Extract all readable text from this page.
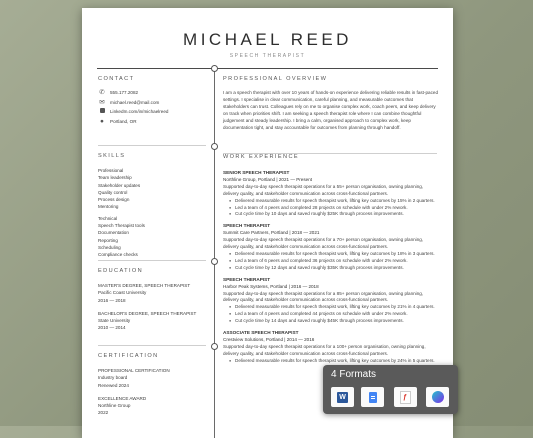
MICHAEL REED
SPEECH THERAPIST
CONTACT
✆ 555.177.2082
✉ michael.reed@mail.com
LinkedIn.com/in/michaelreed
●	Portland, OR
SKILLS
Professional
Team leadership
Stakeholder updates
Quality control
Process design
Mentoring
Technical
Speech Therapist tools
Documentation
Reporting
Scheduling
Compliance checks
EDUCATION
MASTER'S DEGREE, SPEECH THERAPIST
Pacific Coast University
2016 — 2018
BACHELOR'S DEGREE, SPEECH THERAPIST
State University
2010 — 2014
CERTIFICATION
PROFESSIONAL CERTIFICATION
Industry board
Renewed 2024
EXCELLENCE AWARD
Northline Group
2022
PROFESSIONAL OVERVIEW

I am a speech therapist with over 10 years of hands-on experience delivering reliable results in fast-paced settings. I specialise in clear communication, careful planning, and measurable outcomes that stakeholders can trust. Colleagues rely on me to organise complex work, coach peers, and keep delivery on track when priorities shift. I am seeking a speech therapist role where I can combine thoughtful judgement and steady leadership. I bring a calm, organised approach to complex work, keep documentation tight, and stay accountable for outcomes from planning through handoff.

WORK EXPERIENCE
SENIOR SPEECH THERAPIST
Northline Group, Portland | 2021 — Present
Supported day-to-day speech therapist operations for a 55+ person organisation, owning planning, delivery quality, and stakeholder communication across cross-functional partners.
● Delivered measurable results for speech therapist work, lifting key outcomes by 15% in 2 quarters.
● Led a team of 4 peers and completed 28 projects on schedule with under 2% rework.
● Cut cycle time by 10 days and saved roughly $25K through process improvements.
SPEECH THERAPIST
Summit Care Partners, Portland | 2018 — 2021
Supported day-to-day speech therapist operations for a 70+ person organisation, owning planning, delivery quality, and stakeholder communication across cross-functional partners.
● Delivered measurable results for speech therapist work, lifting key outcomes by 18% in 3 quarters.
● Led a team of 6 peers and completed 36 projects on schedule with under 2% rework.
● Cut cycle time by 12 days and saved roughly $35K through process improvements.
SPEECH THERAPIST
Harbor Peak Systems, Portland | 2016 — 2018
Supported day-to-day speech therapist operations for a 85+ person organisation, owning planning, delivery quality, and stakeholder communication across cross-functional partners.
● Delivered measurable results for speech therapist work, lifting key outcomes by 21% in 4 quarters.
● Led a team of 4 peers and completed 44 projects on schedule with under 2% rework.
● Cut cycle time by 14 days and saved roughly $45K through process improvements.
ASSOCIATE SPEECH THERAPIST
Crestview Solutions, Portland | 2014 — 2016
Supported day-to-day speech therapist operations for a 100+ person organisation, owning planning, delivery quality, and stakeholder communication across cross-functional partners.
● Delivered measurable results for speech therapist work, lifting key outcomes by 24% in 5 quarters.
4 Formats
W	ƒ
